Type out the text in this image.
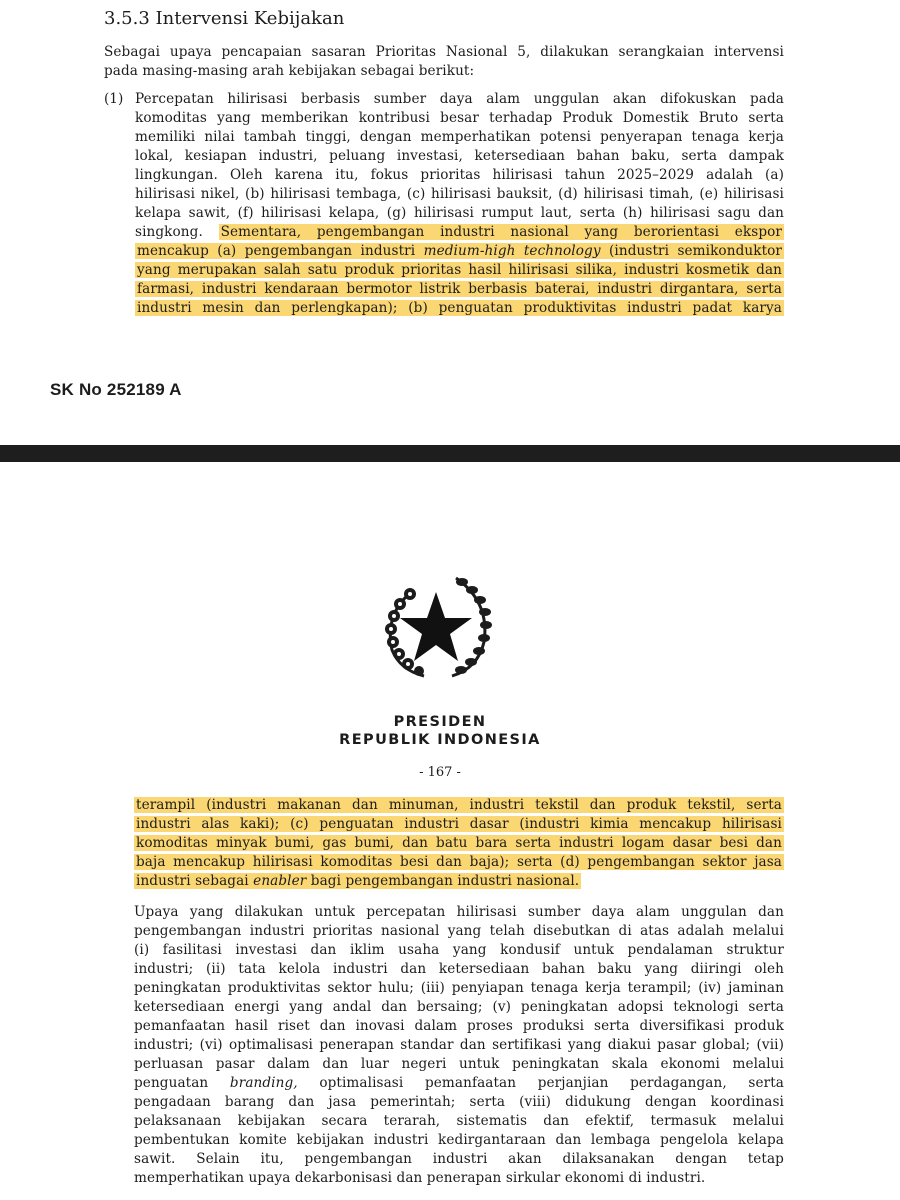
3.5.3 Intervensi Kebijakan

Sebagai upaya pencapaian sasaran Prioritas Nasional 5, dilakukan serangkaian intervensi
pada masing-masing arah kebijakan sebagai berikut:

(1) Percepatan hilirisasi berbasis sumber daya alam unggulan akan difokuskan pada
komoditas yang memberikan kontribusi besar terhadap Produk Domestik Bruto serta
memiliki nilai tambah tinggi, dengan memperhatikan potensi penyerapan tenaga kerja
lokal, kesiapan industri, peluang investasi, ketersediaan bahan baku, serta dampak
lingkungan. Oleh karena itu, fokus prioritas hilirisasi tahun 2025–2029 adalah (a)
hilirisasi nikel, (b) hilirisasi tembaga, (c) hilirisasi bauksit, (d) hilirisasi timah, (e) hilirisasi
kelapa sawit, (f) hilirisasi kelapa, (g) hilirisasi rumput laut, serta (h) hilirisasi sagu dan
singkong. Sementara, pengembangan industri nasional yang berorientasi ekspor
mencakup (a) pengembangan industri medium-high technology (industri semikonduktor
yang merupakan salah satu produk prioritas hasil hilirisasi silika, industri kosmetik dan
farmasi, industri kendaraan bermotor listrik berbasis baterai, industri dirgantara, serta
industri mesin dan perlengkapan); (b) penguatan produktivitas industri padat karya

SK No 252189 A
PRESIDEN
REPUBLIK INDONESIA
- 167 -

terampil (industri makanan dan minuman, industri tekstil dan produk tekstil, serta
industri alas kaki); (c) penguatan industri dasar (industri kimia mencakup hilirisasi
komoditas minyak bumi, gas bumi, dan batu bara serta industri logam dasar besi dan
baja mencakup hilirisasi komoditas besi dan baja); serta (d) pengembangan sektor jasa
industri sebagai enabler bagi pengembangan industri nasional.

Upaya yang dilakukan untuk percepatan hilirisasi sumber daya alam unggulan dan
pengembangan industri prioritas nasional yang telah disebutkan di atas adalah melalui
(i) fasilitasi investasi dan iklim usaha yang kondusif untuk pendalaman struktur
industri; (ii) tata kelola industri dan ketersediaan bahan baku yang diiringi oleh
peningkatan produktivitas sektor hulu; (iii) penyiapan tenaga kerja terampil; (iv) jaminan
ketersediaan energi yang andal dan bersaing; (v) peningkatan adopsi teknologi serta
pemanfaatan hasil riset dan inovasi dalam proses produksi serta diversifikasi produk
industri; (vi) optimalisasi penerapan standar dan sertifikasi yang diakui pasar global; (vii)
perluasan pasar dalam dan luar negeri untuk peningkatan skala ekonomi melalui
penguatan branding, optimalisasi pemanfaatan perjanjian perdagangan, serta
pengadaan barang dan jasa pemerintah; serta (viii) didukung dengan koordinasi
pelaksanaan kebijakan secara terarah, sistematis dan efektif, termasuk melalui
pembentukan komite kebijakan industri kedirgantaraan dan lembaga pengelola kelapa
sawit. Selain itu, pengembangan industri akan dilaksanakan dengan tetap
memperhatikan upaya dekarbonisasi dan penerapan sirkular ekonomi di industri.
